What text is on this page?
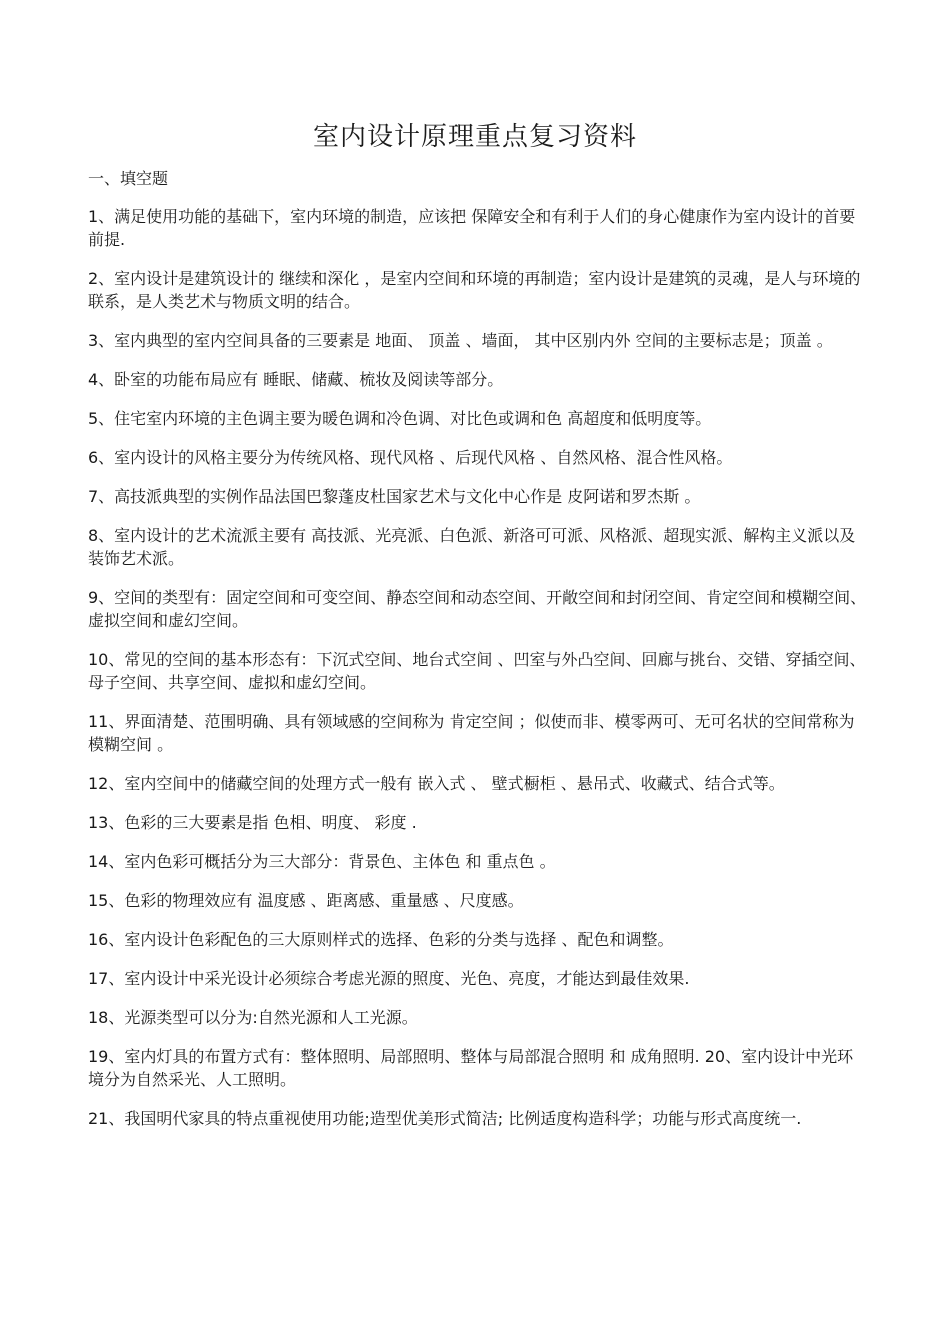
室内设计原理重点复习资料
一、填空题
1、满足使用功能的基础下，室内环境的制造，应该把 保障安全和有利于人们的身心健康作为室内设计的首要前提.
2、室内设计是建筑设计的 继续和深化 ，是室内空间和环境的再制造；室内设计是建筑的灵魂，是人与环境的联系，是人类艺术与物质文明的结合。
3、室内典型的室内空间具备的三要素是 地面、 顶盖 、墙面， 其中区别内外 空间的主要标志是；顶盖 。
4、卧室的功能布局应有 睡眠、储藏、梳妆及阅读等部分。
5、住宅室内环境的主色调主要为暖色调和冷色调、对比色或调和色 高超度和低明度等。
6、室内设计的风格主要分为传统风格、现代风格 、后现代风格 、自然风格、混合性风格。
7、高技派典型的实例作品法国巴黎蓬皮杜国家艺术与文化中心作是 皮阿诺和罗杰斯 。
8、室内设计的艺术流派主要有 高技派、光亮派、白色派、新洛可可派、风格派、超现实派、解构主义派以及装饰艺术派。
9、空间的类型有：固定空间和可变空间、静态空间和动态空间、开敞空间和封闭空间、肯定空间和模糊空间、虚拟空间和虚幻空间。
10、常见的空间的基本形态有：下沉式空间、地台式空间 、凹室与外凸空间、回廊与挑台、交错、穿插空间、母子空间、共享空间、虚拟和虚幻空间。
11、界面清楚、范围明确、具有领域感的空间称为 肯定空间 ；似使而非、模零两可、无可名状的空间常称为 模糊空间 。
12、室内空间中的储藏空间的处理方式一般有 嵌入式 、 壁式橱柜 、悬吊式、收藏式、结合式等。
13、色彩的三大要素是指 色相、明度、 彩度 .
14、室内色彩可概括分为三大部分：背景色、主体色 和 重点色 。
15、色彩的物理效应有 温度感 、距离感、重量感 、尺度感。
16、室内设计色彩配色的三大原则样式的选择、色彩的分类与选择 、配色和调整。
17、室内设计中采光设计必须综合考虑光源的照度、光色、亮度，才能达到最佳效果.
18、光源类型可以分为:自然光源和人工光源。
19、室内灯具的布置方式有：整体照明、局部照明、整体与局部混合照明 和 成角照明. 20、室内设计中光环境分为自然采光、人工照明。
21、我国明代家具的特点重视使用功能;造型优美形式简洁; 比例适度构造科学；功能与形式高度统一.
